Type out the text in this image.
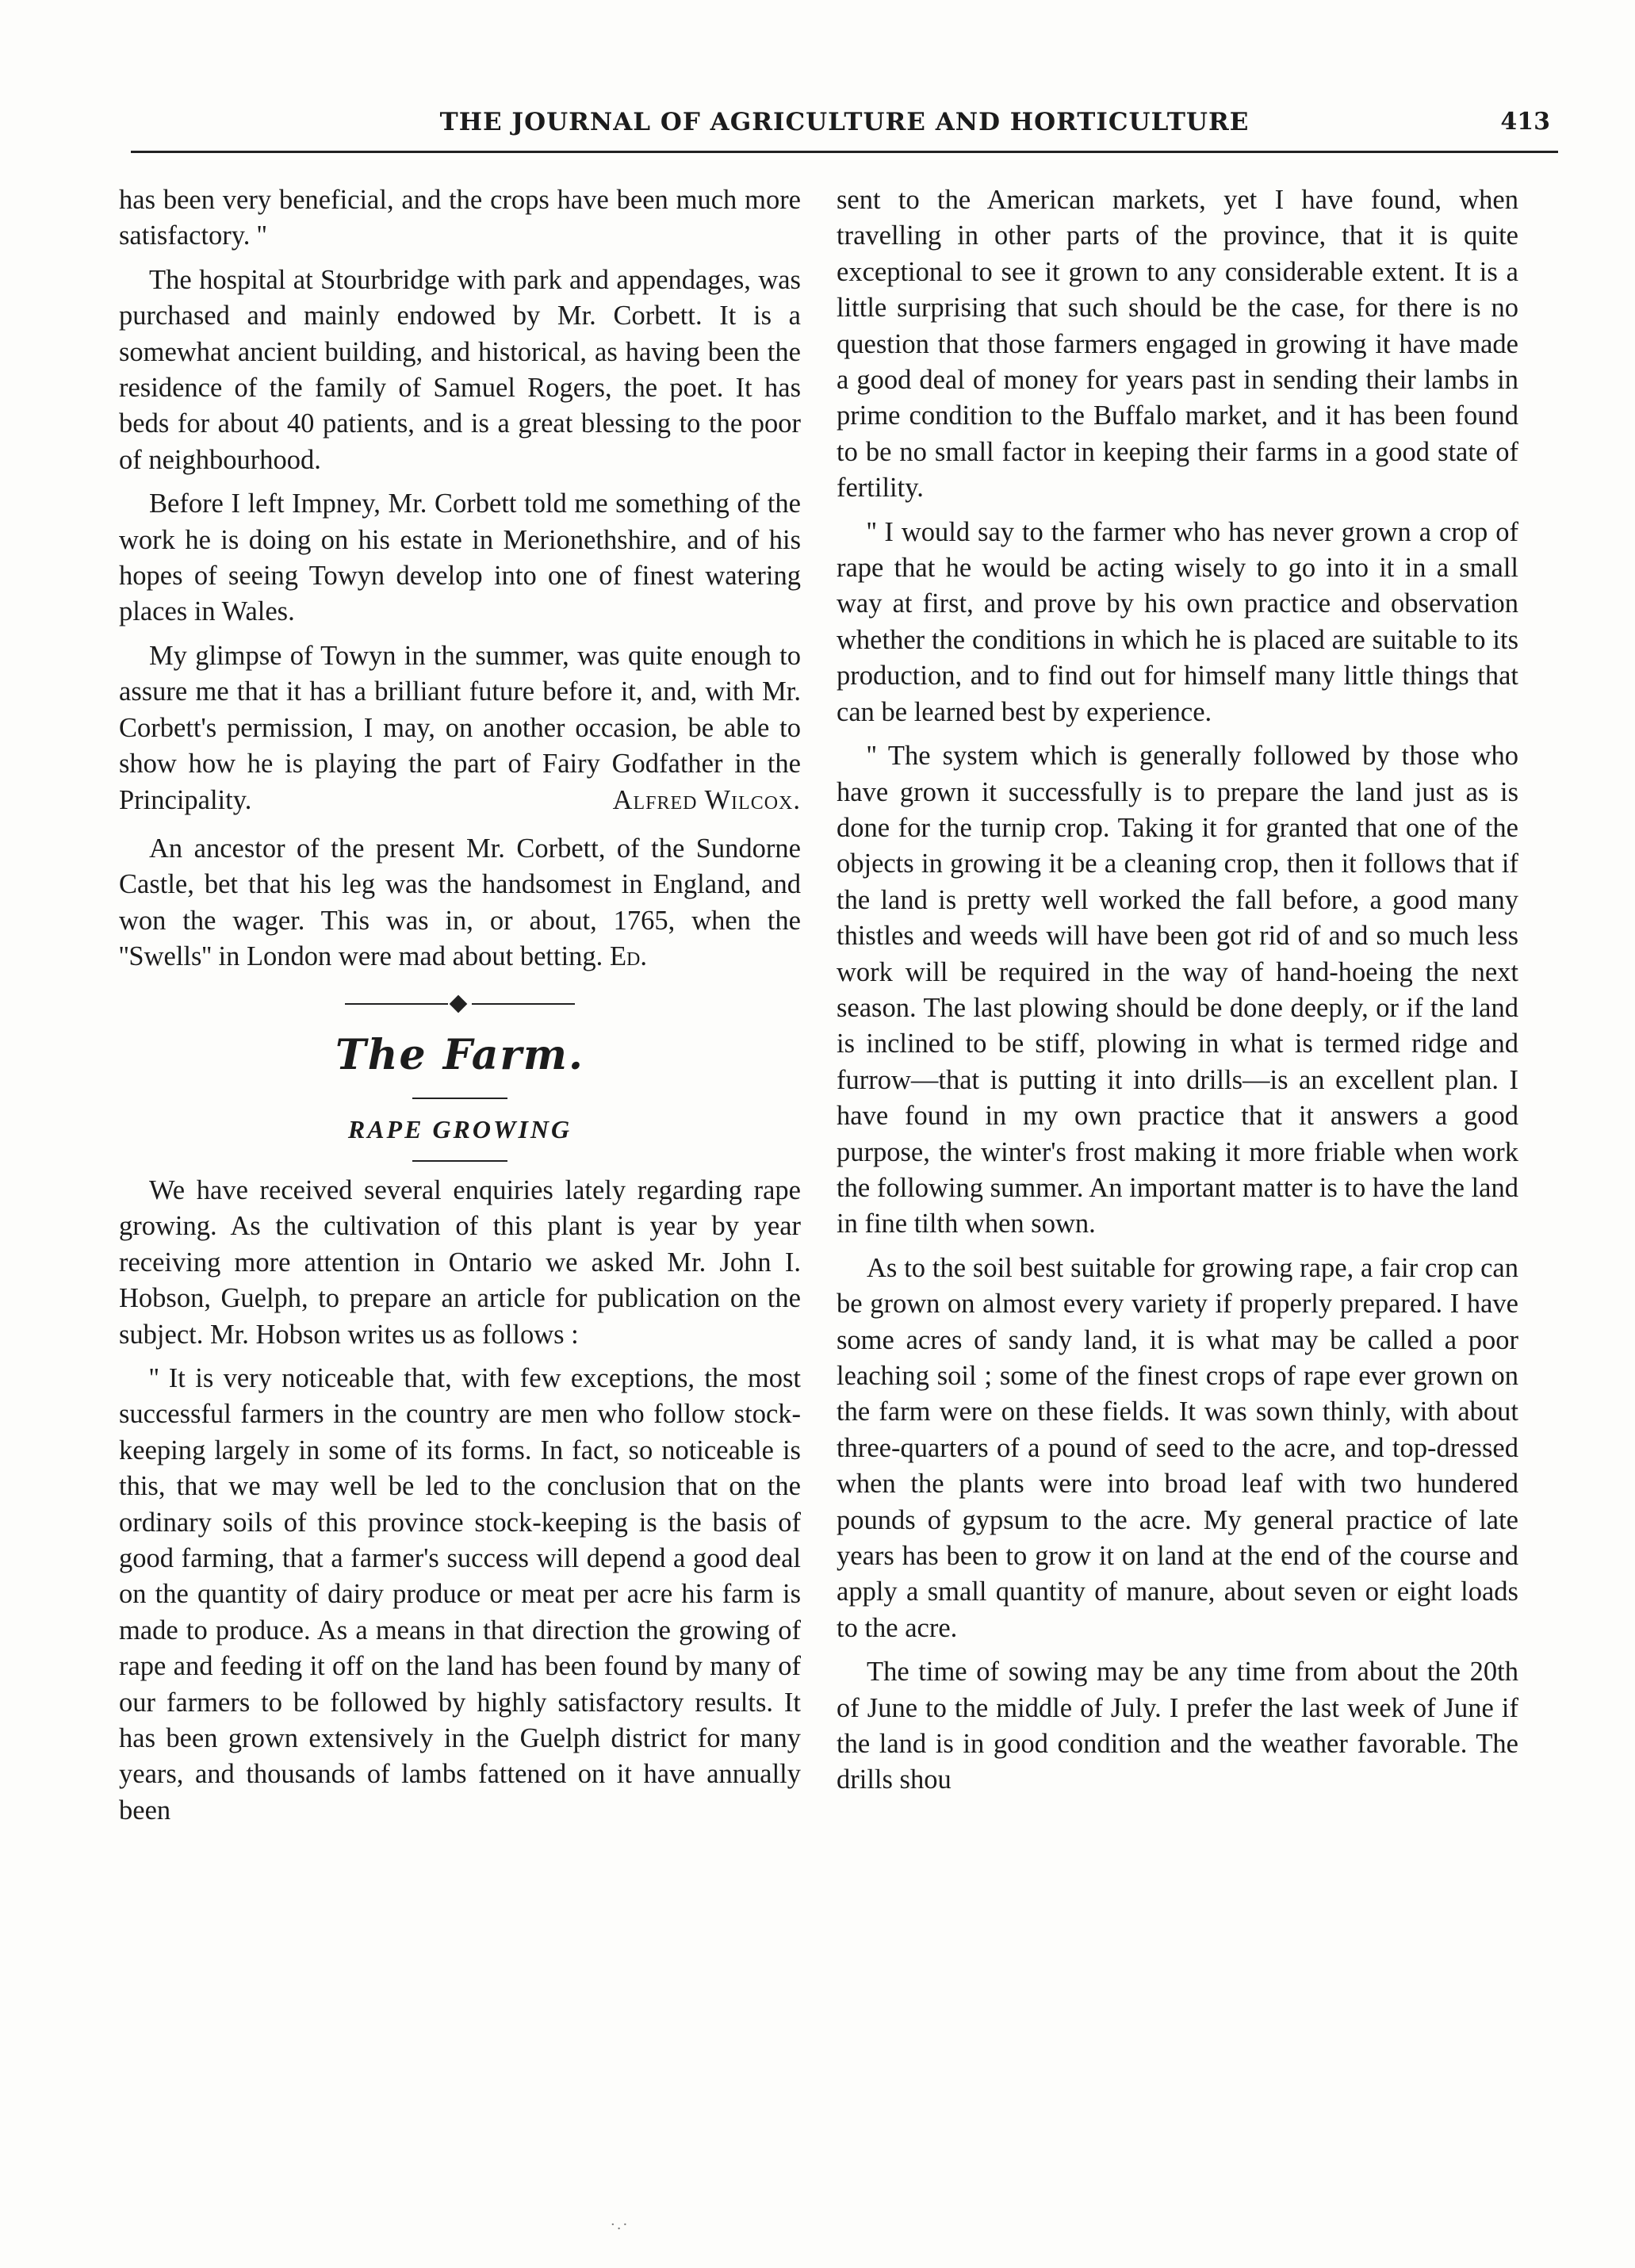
THE JOURNAL OF AGRICULTURE AND HORTICULTURE	413

has been very beneficial, and the crops have been much more satisfactory. ''

The hospital at Stourbridge with park and appendages, was purchased and mainly endowed by Mr. Corbett. It is a somewhat ancient building, and historical, as having been the residence of the family of Samuel Rogers, the poet. It has beds for about 40 patients, and is a great blessing to the poor of neighbourhood.

Before I left Impney, Mr. Corbett told me something of the work he is doing on his estate in Merionethshire, and of his hopes of seeing Towyn develop into one of finest watering places in Wales.

My glimpse of Towyn in the summer, was quite enough to assure me that it has a brilliant future before it, and, with Mr. Corbett's permission, I may, on another occasion, be able to show how he is playing the part of Fairy Godfather in the Principality.	Alfred Wilcox.

An ancestor of the present Mr. Corbett, of the Sundorne Castle, bet that his leg was the handsomest in England, and won the wager. This was in, or about, 1765, when the ''Swells'' in London were mad about betting. Ed.

The Farm.
RAPE GROWING

We have received several enquiries lately regarding rape growing. As the cultivation of this plant is year by year receiving more attention in Ontario we asked Mr. John I. Hobson, Guelph, to prepare an article for publication on the subject. Mr. Hobson writes us as follows :

'' It is very noticeable that, with few exceptions, the most successful farmers in the country are men who follow stock-keeping largely in some of its forms. In fact, so noticeable is this, that we may well be led to the conclusion that on the ordinary soils of this province stock-keeping is the basis of good farming, that a farmer's success will depend a good deal on the quantity of dairy produce or meat per acre his farm is made to produce. As a means in that direction the growing of rape and feeding it off on the land has been found by many of our farmers to be followed by highly satisfactory results. It has been grown extensively in the Guelph district for many years, and thousands of lambs fattened on it have annually been

sent to the American markets, yet I have found, when travelling in other parts of the province, that it is quite exceptional to see it grown to any considerable extent. It is a little surprising that such should be the case, for there is no question that those farmers engaged in growing it have made a good deal of money for years past in sending their lambs in prime condition to the Buffalo market, and it has been found to be no small factor in keeping their farms in a good state of fertility.

'' I would say to the farmer who has never grown a crop of rape that he would be acting wisely to go into it in a small way at first, and prove by his own practice and observation whether the conditions in which he is placed are suitable to its production, and to find out for himself many little things that can be learned best by experience.

'' The system which is generally followed by those who have grown it successfully is to prepare the land just as is done for the turnip crop. Taking it for granted that one of the objects in growing it be a cleaning crop, then it follows that if the land is pretty well worked the fall before, a good many thistles and weeds will have been got rid of and so much less work will be required in the way of hand-hoeing the next season. The last plowing should be done deeply, or if the land is inclined to be stiff, plowing in what is termed ridge and furrow—that is putting it into drills—is an excellent plan. I have found in my own practice that it answers a good purpose, the winter's frost making it more friable when work the following summer. An important matter is to have the land in fine tilth when sown.

As to the soil best suitable for growing rape, a fair crop can be grown on almost every variety if properly prepared. I have some acres of sandy land, it is what may be called a poor leaching soil ; some of the finest crops of rape ever grown on the farm were on these fields. It was sown thinly, with about three-quarters of a pound of seed to the acre, and top-dressed when the plants were into broad leaf with two hundered pounds of gypsum to the acre. My general practice of late years has been to grow it on land at the end of the course and apply a small quantity of manure, about seven or eight loads to the acre.

The time of sowing may be any time from about the 20th of June to the middle of July. I prefer the last week of June if the land is in good condition and the weather favorable. The drills shou

·.·
